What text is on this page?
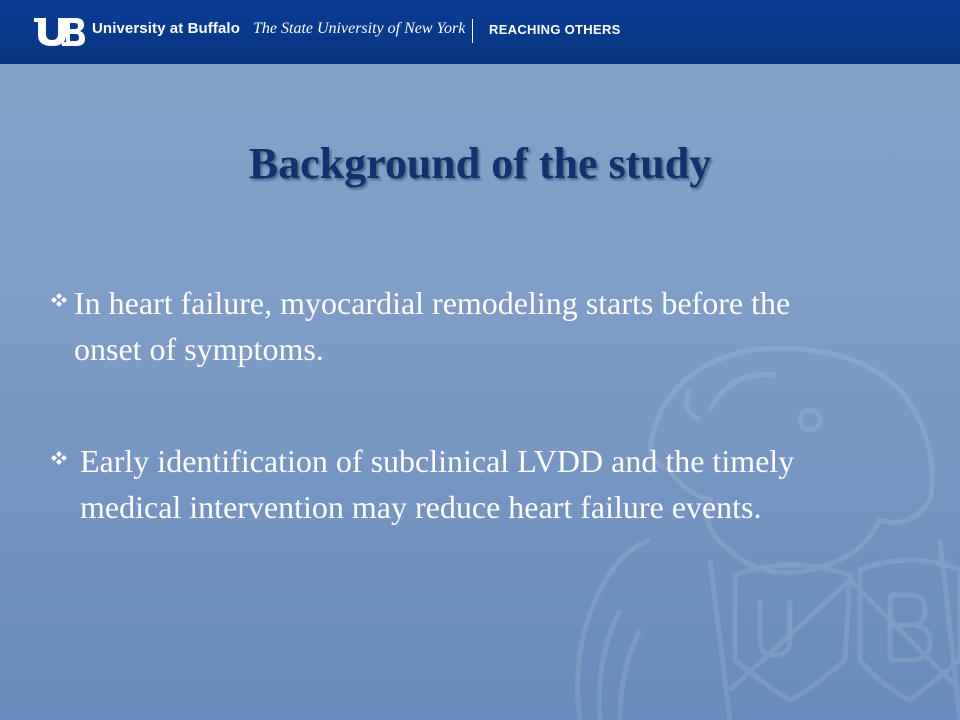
University at Buffalo The State University of New York REACHING OTHERS
Background of the study
In heart failure, myocardial remodeling starts before the onset of symptoms.
Early identification of subclinical LVDD and the timely medical intervention may reduce heart failure events.
